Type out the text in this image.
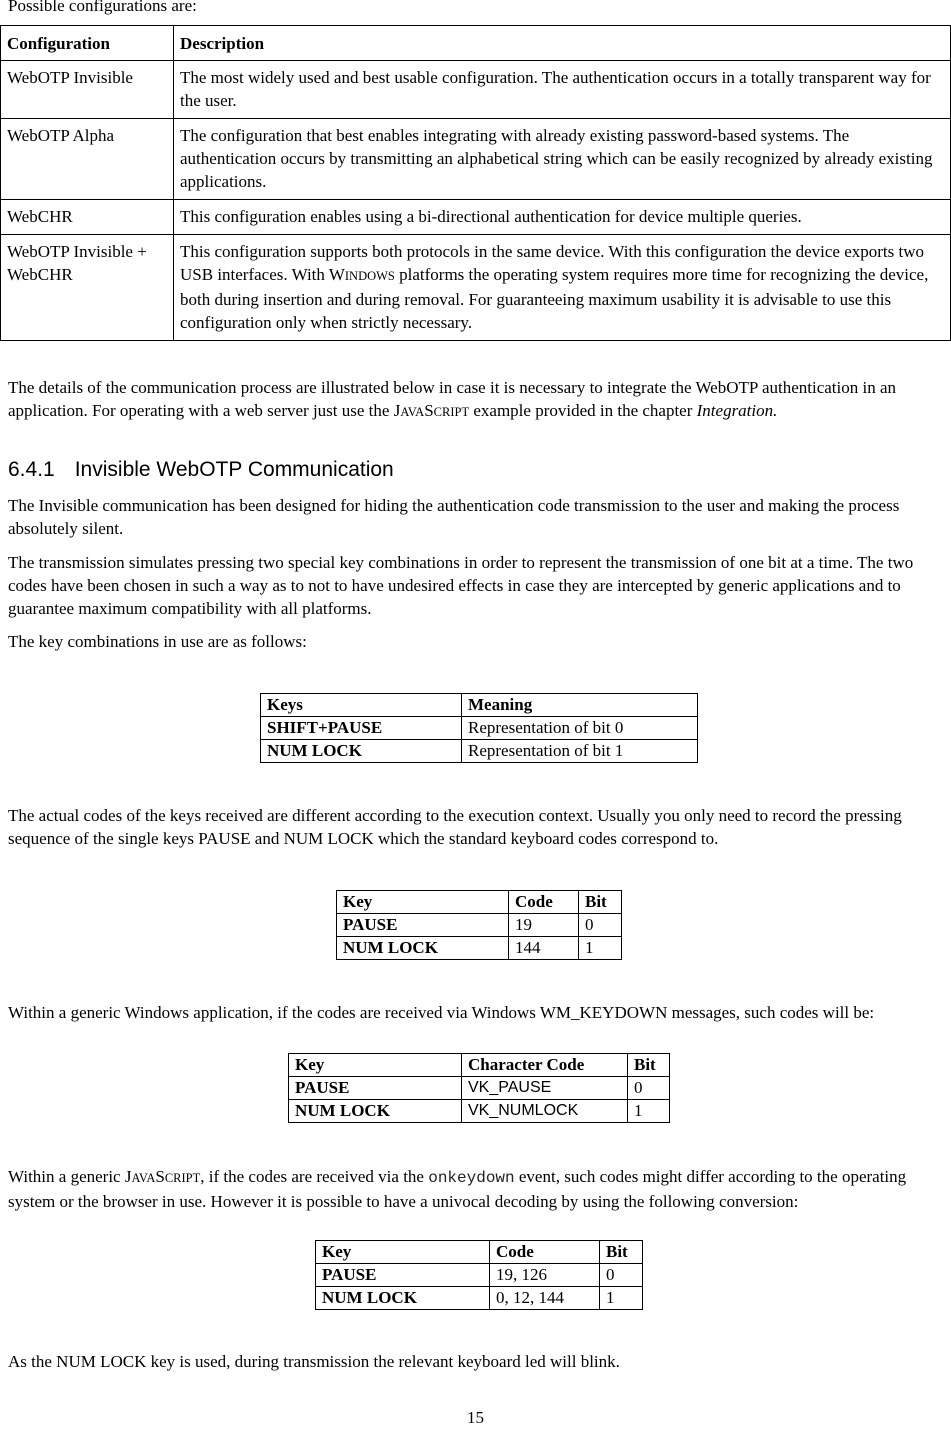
Possible configurations are:

Configuration	Description
WebOTP Invisible	The most widely used and best usable configuration. The authentication occurs in a totally transparent way for the user.
WebOTP Alpha	The configuration that best enables integrating with already existing password-based systems. The authentication occurs by transmitting an alphabetical string which can be easily recognized by already existing applications.
WebCHR	This configuration enables using a bi-directional authentication for device multiple queries.
WebOTP Invisible + WebCHR	This configuration supports both protocols in the same device. With this configuration the device exports two USB interfaces. With WINDOWS platforms the operating system requires more time for recognizing the device, both during insertion and during removal. For guaranteeing maximum usability it is advisable to use this configuration only when strictly necessary.

The details of the communication process are illustrated below in case it is necessary to integrate the WebOTP authentication in an application. For operating with a web server just use the JAVASCRIPT example provided in the chapter Integration.

6.4.1 Invisible WebOTP Communication

The Invisible communication has been designed for hiding the authentication code transmission to the user and making the process absolutely silent.

The transmission simulates pressing two special key combinations in order to represent the transmission of one bit at a time. The two codes have been chosen in such a way as to not to have undesired effects in case they are intercepted by generic applications and to guarantee maximum compatibility with all platforms.

The key combinations in use are as follows:

Keys	Meaning
SHIFT+PAUSE	Representation of bit 0
NUM LOCK	Representation of bit 1

The actual codes of the keys received are different according to the execution context. Usually you only need to record the pressing sequence of the single keys PAUSE and NUM LOCK which the standard keyboard codes correspond to.

Key	Code	Bit
PAUSE	19	0
NUM LOCK	144	1

Within a generic Windows application, if the codes are received via Windows WM_KEYDOWN messages, such codes will be:

Key	Character Code	Bit
PAUSE	VK_PAUSE	0
NUM LOCK	VK_NUMLOCK	1

Within a generic JAVASCRIPT, if the codes are received via the onkeydown event, such codes might differ according to the operating system or the browser in use. However it is possible to have a univocal decoding by using the following conversion:

Key	Code	Bit
PAUSE	19, 126	0
NUM LOCK	0, 12, 144	1

As the NUM LOCK key is used, during transmission the relevant keyboard led will blink.

15
